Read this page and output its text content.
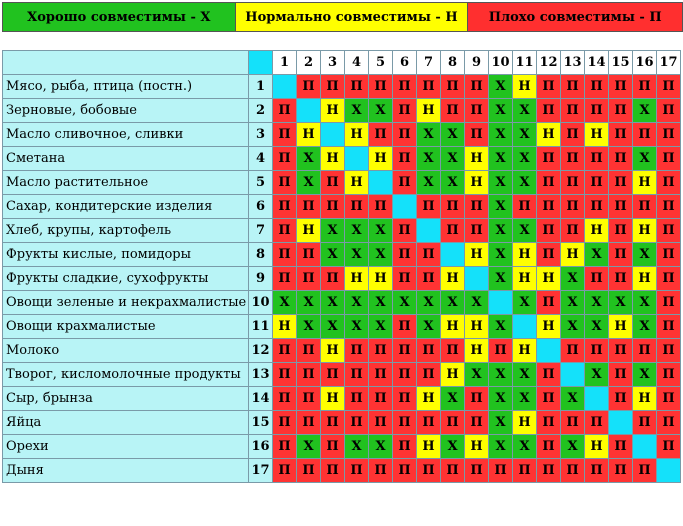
Хорошо совместимы - Х	Нормально совместимы - Н	Плохо совместимы - П
		1	2	3	4	5	6	7	8	9	10	11	12	13	14	15	16	17
Мясо, рыба, птица (постн.)	1		П	П	П	П	П	П	П	П	Х	Н	П	П	П	П	П	П
Зерновые, бобовые	2	П		Н	Х	Х	П	Н	П	П	Х	Х	П	П	П	П	Х	П
Масло сливочное, сливки	3	П	Н		Н	П	П	Х	Х	П	Х	Х	Н	П	Н	П	П	П
Сметана	4	П	Х	Н		Н	П	Х	Х	Н	Х	Х	П	П	П	П	Х	П
Масло растительное	5	П	Х	П	Н		П	Х	Х	Н	Х	Х	П	П	П	П	Н	П
Сахар, кондитерские изделия	6	П	П	П	П	П		П	П	П	Х	П	П	П	П	П	П	П
Хлеб, крупы, картофель	7	П	Н	Х	Х	Х	П		П	П	Х	Х	П	П	Н	П	Н	П
Фрукты кислые, помидоры	8	П	П	Х	Х	Х	П	П		Н	Х	Н	П	Н	Х	П	Х	П
Фрукты сладкие, сухофрукты	9	П	П	П	Н	Н	П	П	Н		Х	Н	Н	Х	П	П	Н	П
Овощи зеленые и некрахмалистые	10	Х	Х	Х	Х	Х	Х	Х	Х	Х		Х	П	Х	Х	Х	Х	П
Овощи крахмалистые	11	Н	Х	Х	Х	Х	П	Х	Н	Н	Х		Н	Х	Х	Н	Х	П
Молоко	12	П	П	Н	П	П	П	П	П	Н	П	Н		П	П	П	П	П
Творог, кисломолочные продукты	13	П	П	П	П	П	П	П	Н	Х	Х	Х	П		Х	П	Х	П
Сыр, брынза	14	П	П	Н	П	П	П	Н	Х	П	Х	Х	П	Х		П	Н	П
Яйца	15	П	П	П	П	П	П	П	П	П	Х	Н	П	П	П		П	П
Орехи	16	П	Х	П	Х	Х	П	Н	Х	Н	Х	Х	П	Х	Н	П		П
Дыня	17	П	П	П	П	П	П	П	П	П	П	П	П	П	П	П	П	
